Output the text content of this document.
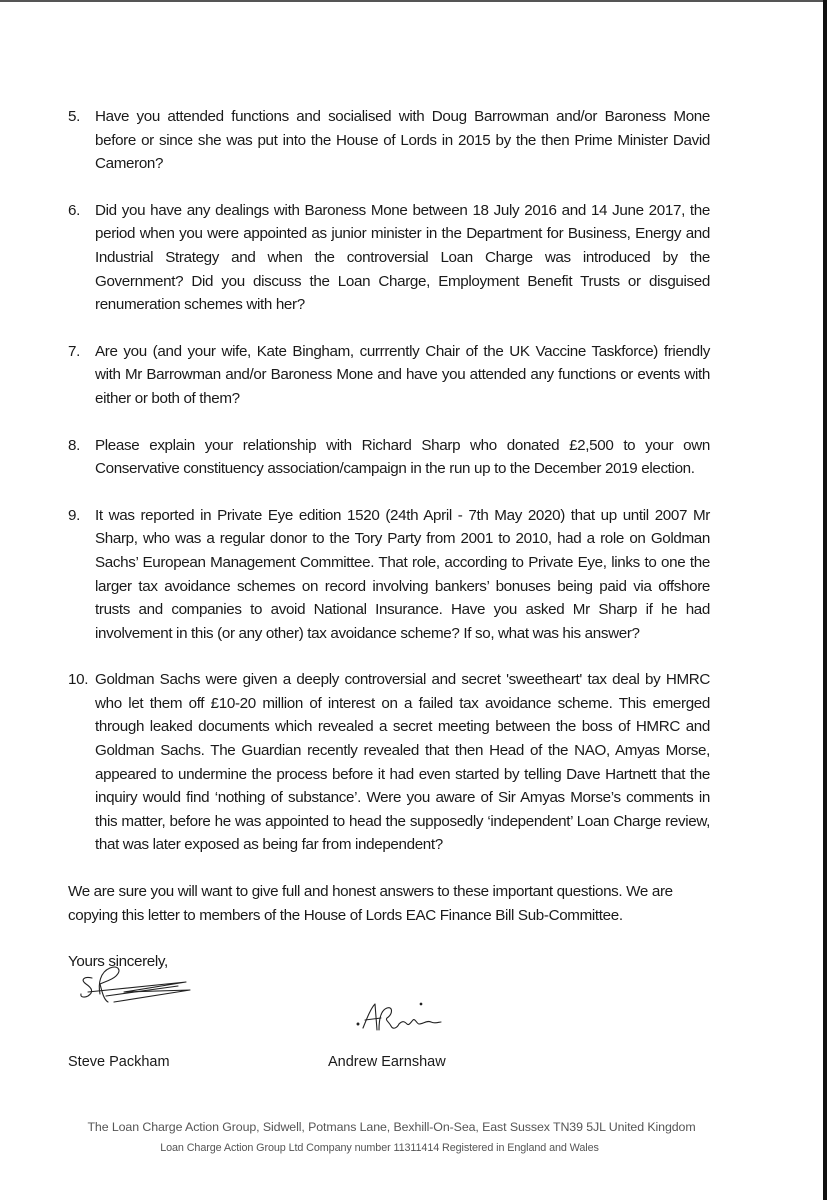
5. Have you attended functions and socialised with Doug Barrowman and/or Baroness Mone before or since she was put into the House of Lords in 2015 by the then Prime Minister David Cameron?
6. Did you have any dealings with Baroness Mone between 18 July 2016 and 14 June 2017, the period when you were appointed as junior minister in the Department for Business, Energy and Industrial Strategy and when the controversial Loan Charge was introduced by the Government? Did you discuss the Loan Charge, Employment Benefit Trusts or disguised renumeration schemes with her?
7. Are you (and your wife, Kate Bingham, currrently Chair of the UK Vaccine Taskforce) friendly with Mr Barrowman and/or Baroness Mone and have you attended any functions or events with either or both of them?
8. Please explain your relationship with Richard Sharp who donated £2,500 to your own Conservative constituency association/campaign in the run up to the December 2019 election.
9. It was reported in Private Eye edition 1520 (24th April - 7th May 2020) that up until 2007 Mr Sharp, who was a regular donor to the Tory Party from 2001 to 2010, had a role on Goldman Sachs’ European Management Committee. That role, according to Private Eye, links to one the larger tax avoidance schemes on record involving bankers’ bonuses being paid via offshore trusts and companies to avoid National Insurance. Have you asked Mr Sharp if he had involvement in this (or any other) tax avoidance scheme? If so, what was his answer?
10. Goldman Sachs were given a deeply controversial and secret 'sweetheart' tax deal by HMRC who let them off £10-20 million of interest on a failed tax avoidance scheme. This emerged through leaked documents which revealed a secret meeting between the boss of HMRC and Goldman Sachs. The Guardian recently revealed that then Head of the NAO, Amyas Morse, appeared to undermine the process before it had even started by telling Dave Hartnett that the inquiry would find ‘nothing of substance’. Were you aware of Sir Amyas Morse’s comments in this matter, before he was appointed to head the supposedly ‘independent’ Loan Charge review, that was later exposed as being far from independent?

We are sure you will want to give full and honest answers to these important questions. We are copying this letter to members of the House of Lords EAC Finance Bill Sub-Committee.

Yours sincerely,

Steve Packham	Andrew Earnshaw
The Loan Charge Action Group, Sidwell, Potmans Lane, Bexhill-On-Sea, East Sussex TN39 5JL United Kingdom
Loan Charge Action Group Ltd Company number 11311414 Registered in England and Wales
